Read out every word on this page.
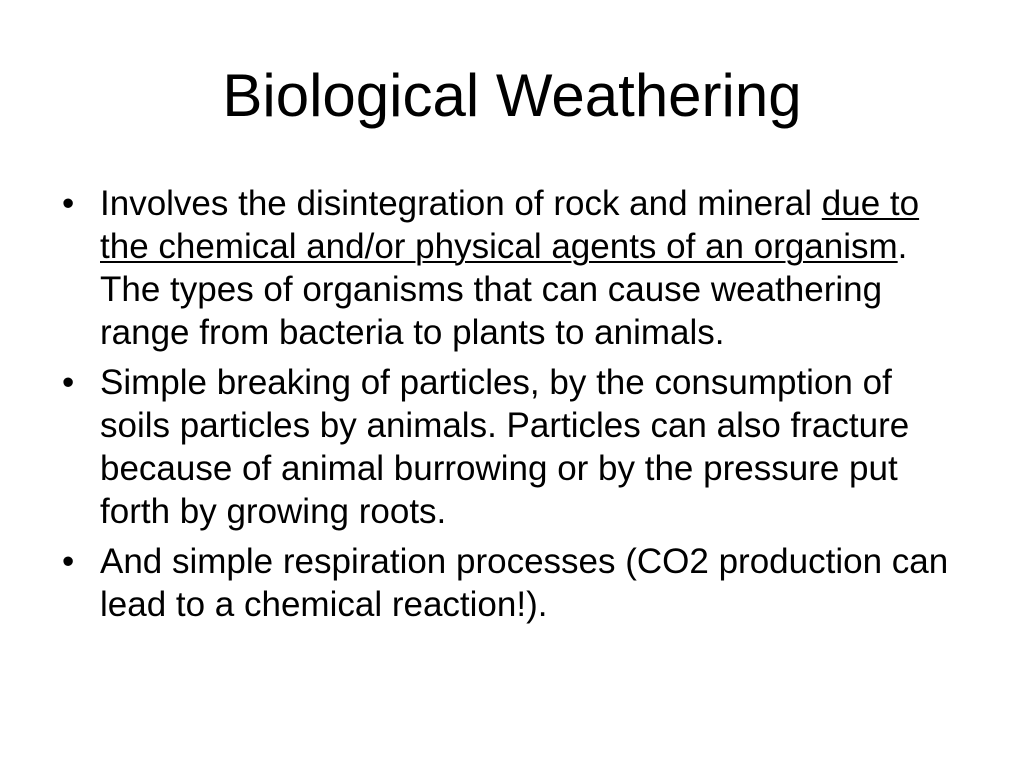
Biological Weathering
• Involves the disintegration of rock and mineral due to the chemical and/or physical agents of an organism. The types of organisms that can cause weathering range from bacteria to plants to animals.
• Simple breaking of particles, by the consumption of soils particles by animals. Particles can also fracture because of animal burrowing or by the pressure put forth by growing roots.
• And simple respiration processes (CO2 production can lead to a chemical reaction!).
